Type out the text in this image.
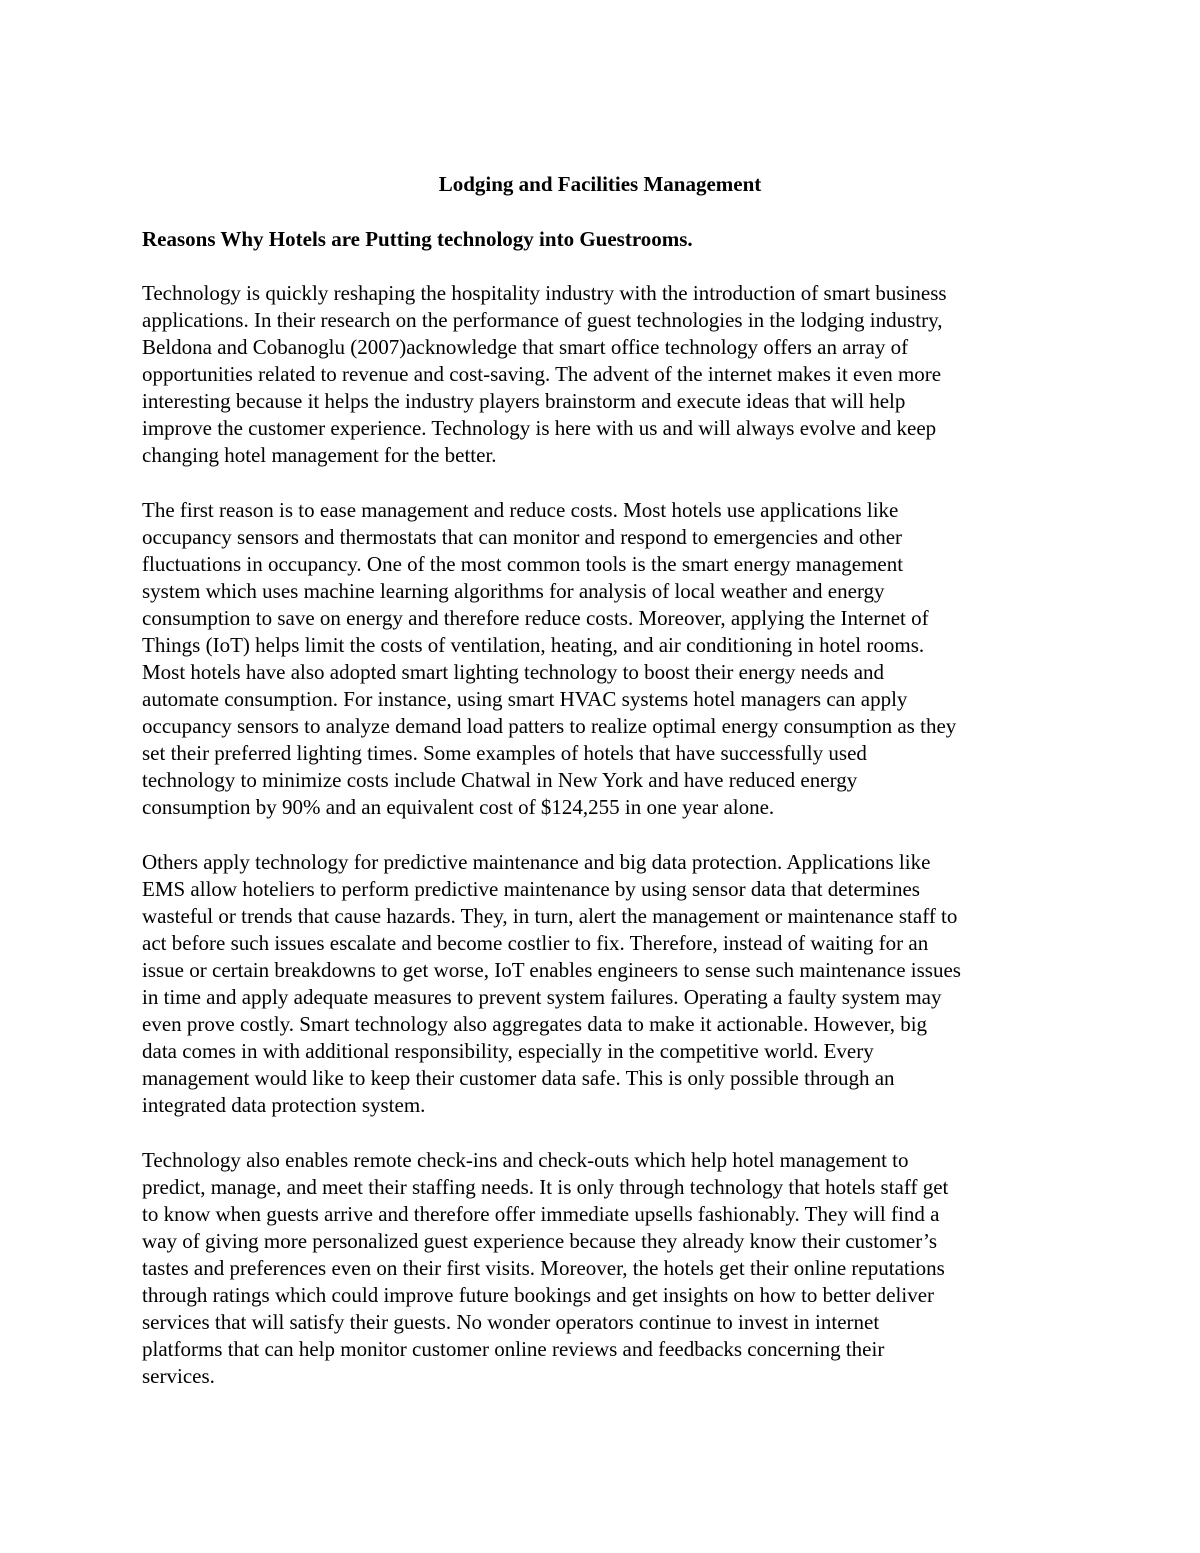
Lodging and Facilities Management
Reasons Why Hotels are Putting technology into Guestrooms.
Technology is quickly reshaping the hospitality industry with the introduction of smart business
applications. In their research on the performance of guest technologies in the lodging industry,
Beldona and Cobanoglu (2007)acknowledge that smart office technology offers an array of
opportunities related to revenue and cost-saving. The advent of the internet makes it even more
interesting because it helps the industry players brainstorm and execute ideas that will help
improve the customer experience. Technology is here with us and will always evolve and keep
changing hotel management for the better.
The first reason is to ease management and reduce costs. Most hotels use applications like
occupancy sensors and thermostats that can monitor and respond to emergencies and other
fluctuations in occupancy. One of the most common tools is the smart energy management
system which uses machine learning algorithms for analysis of local weather and energy
consumption to save on energy and therefore reduce costs. Moreover, applying the Internet of
Things (IoT) helps limit the costs of ventilation, heating, and air conditioning in hotel rooms.
Most hotels have also adopted smart lighting technology to boost their energy needs and
automate consumption. For instance, using smart HVAC systems hotel managers can apply
occupancy sensors to analyze demand load patters to realize optimal energy consumption as they
set their preferred lighting times. Some examples of hotels that have successfully used
technology to minimize costs include Chatwal in New York and have reduced energy
consumption by 90% and an equivalent cost of $124,255 in one year alone.
Others apply technology for predictive maintenance and big data protection. Applications like
EMS allow hoteliers to perform predictive maintenance by using sensor data that determines
wasteful or trends that cause hazards. They, in turn, alert the management or maintenance staff to
act before such issues escalate and become costlier to fix. Therefore, instead of waiting for an
issue or certain breakdowns to get worse, IoT enables engineers to sense such maintenance issues
in time and apply adequate measures to prevent system failures. Operating a faulty system may
even prove costly. Smart technology also aggregates data to make it actionable. However, big
data comes in with additional responsibility, especially in the competitive world. Every
management would like to keep their customer data safe. This is only possible through an
integrated data protection system.
Technology also enables remote check-ins and check-outs which help hotel management to
predict, manage, and meet their staffing needs. It is only through technology that hotels staff get
to know when guests arrive and therefore offer immediate upsells fashionably. They will find a
way of giving more personalized guest experience because they already know their customer’s
tastes and preferences even on their first visits. Moreover, the hotels get their online reputations
through ratings which could improve future bookings and get insights on how to better deliver
services that will satisfy their guests. No wonder operators continue to invest in internet
platforms that can help monitor customer online reviews and feedbacks concerning their
services.
